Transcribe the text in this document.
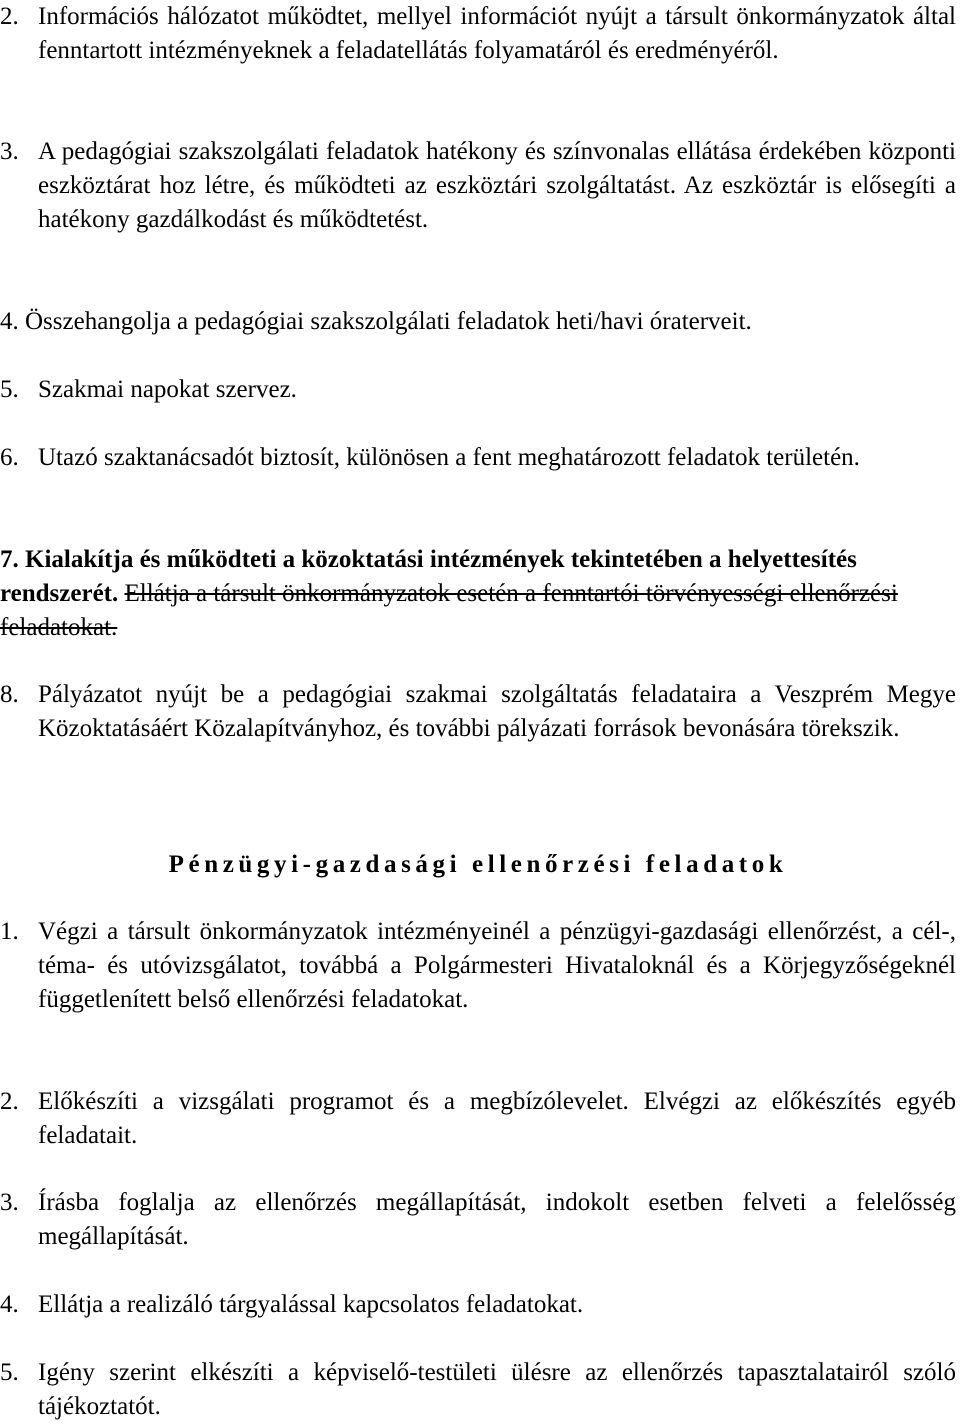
2. Információs hálózatot működtet, mellyel információt nyújt a társult önkormányzatok által fenntartott intézményeknek a feladatellátás folyamatáról és eredményéről.
3. A pedagógiai szakszolgálati feladatok hatékony és színvonalas ellátása érdekében központi eszköztárat hoz létre, és működteti az eszköztári szolgáltatást. Az eszköztár is elősegíti a hatékony gazdálkodást és működtetést.
4. Összehangolja a pedagógiai szakszolgálati feladatok heti/havi óraterveit.
5. Szakmai napokat szervez.
6. Utazó szaktanácsadót biztosít, különösen a fent meghatározott feladatok területén.
7. Kialakítja és működteti a közoktatási intézmények tekintetében a helyettesítés rendszerét. Ellátja a társult önkormányzatok esetén a fenntartói törvényességi ellenőrzési feladatokat.
8. Pályázatot nyújt be a pedagógiai szakmai szolgáltatás feladataira a Veszprém Megye Közoktatásáért Közalapítványhoz, és további pályázati források bevonására törekszik.
Pénzügyi-gazdasági ellenőrzési feladatok
1. Végzi a társult önkormányzatok intézményeinél a pénzügyi-gazdasági ellenőrzést, a cél-, téma- és utóvizsgálatot, továbbá a Polgármesteri Hivataloknál és a Körjegyzőségeknél függetlenített belső ellenőrzési feladatokat.
2. Előkészíti a vizsgálati programot és a megbízólevelet. Elvégzi az előkészítés egyéb feladatait.
3. Írásba foglalja az ellenőrzés megállapítását, indokolt esetben felveti a felelősség megállapítását.
4. Ellátja a realizáló tárgyalással kapcsolatos feladatokat.
5. Igény szerint elkészíti a képviselő-testületi ülésre az ellenőrzés tapasztalatairól szóló tájékoztatót.
